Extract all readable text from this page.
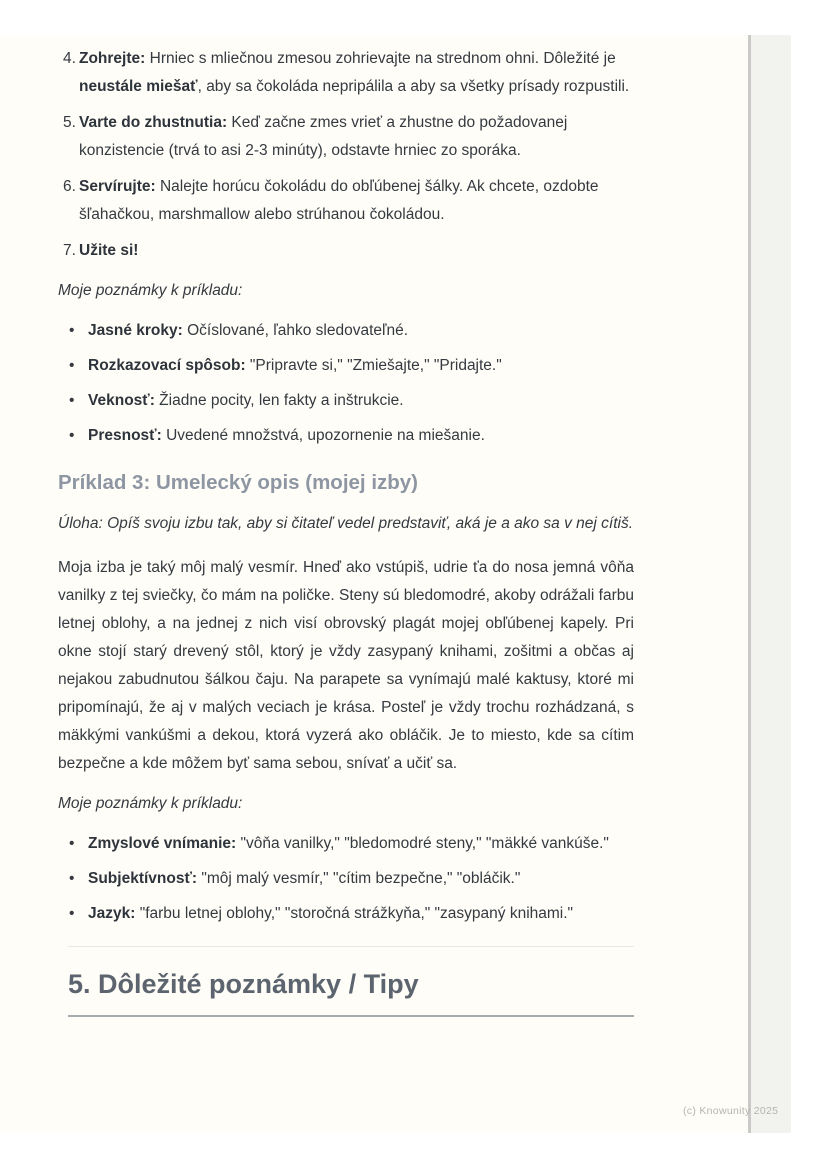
4. Zohrejte: Hrniec s mliečnou zmesou zohrievajte na strednom ohni. Dôležité je neustále miešať, aby sa čokoláda nepripálila a aby sa všetky prísady rozpustili.
5. Varte do zhustnutia: Keď začne zmes vrieť a zhustne do požadovanej konzistencie (trvá to asi 2-3 minúty), odstavte hrniec zo sporáka.
6. Servírujte: Nalejte horúcu čokoládu do obľúbenej šálky. Ak chcete, ozdobte šľahačkou, marshmallow alebo strúhanou čokoládou.
7. Užite si!

Moje poznámky k príkladu:

• Jasné kroky: Očíslované, ľahko sledovateľné.
• Rozkazovací spôsob: "Pripravte si," "Zmiešajte," "Pridajte."
• Veknosť: Žiadne pocity, len fakty a inštrukcie.
• Presnosť: Uvedené množstvá, upozornenie na miešanie.
Príklad 3: Umelecký opis (mojej izby)

Úloha: Opíš svoju izbu tak, aby si čitateľ vedel predstaviť, aká je a ako sa v nej cítiš.

Moja izba je taký môj malý vesmír. Hneď ako vstúpiš, udrie ťa do nosa jemná vôňa vanilky z tej sviečky, čo mám na poličke. Steny sú bledomodré, akoby odrážali farbu letnej oblohy, a na jednej z nich visí obrovský plagát mojej obľúbenej kapely. Pri okne stojí starý drevený stôl, ktorý je vždy zasypaný knihami, zošitmi a občas aj nejakou zabudnutou šálkou čaju. Na parapete sa vynímajú malé kaktusy, ktoré mi pripomínajú, že aj v malých veciach je krása. Posteľ je vždy trochu rozhádzaná, s mäkkými vankúšmi a dekou, ktorá vyzerá ako obláčik. Je to miesto, kde sa cítim bezpečne a kde môžem byť sama sebou, snívať a učiť sa.

Moje poznámky k príkladu:

• Zmyslové vnímanie: "vôňa vanilky," "bledomodré steny," "mäkké vankúše."
• Subjektívnosť: "môj malý vesmír," "cítim bezpečne," "obláčik."
• Jazyk: "farbu letnej oblohy," "storočná strážkyňa," "zasypaný knihami."
5. Dôležité poznámky / Tipy
(c) Knowunity 2025
